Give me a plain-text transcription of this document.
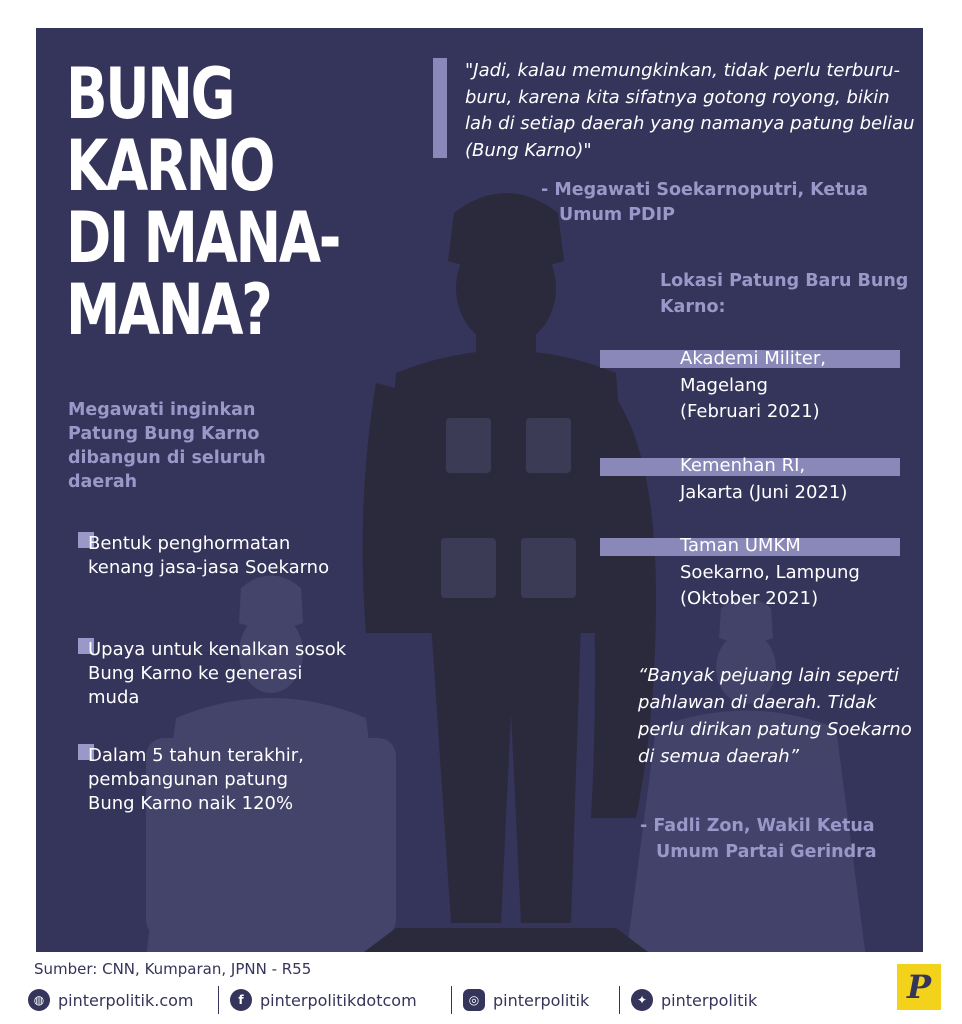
BUNG
KARNO
DI MANA-
MANA?
Megawati inginkan Patung Bung Karno dibangun di seluruh daerah
Bentuk penghormatan kenang jasa-jasa Soekarno
Upaya untuk kenalkan sosok Bung Karno ke generasi muda
Dalam 5 tahun terakhir, pembangunan patung Bung Karno naik 120%
"Jadi, kalau memungkinkan, tidak perlu terburu-buru, karena kita sifatnya gotong royong, bikin lah di setiap daerah yang namanya patung beliau (Bung Karno)"
- Megawati Soekarnoputri, Ketua
Umum PDIP
Lokasi Patung Baru Bung Karno:
Akademi Militer,
Magelang
(Februari 2021)
Kemenhan RI,
Jakarta (Juni 2021)
Taman UMKM
Soekarno, Lampung
(Oktober 2021)
“Banyak pejuang lain seperti pahlawan di daerah. Tidak perlu dirikan patung Soekarno di semua daerah”
- Fadli Zon, Wakil Ketua
Umum Partai Gerindra
Sumber: CNN, Kumparan, JPNN - R55
◍ pinterpolitik.com	f	pinterpolitikdotcom	◎ pinterpolitik	✦ pinterpolitik	P
